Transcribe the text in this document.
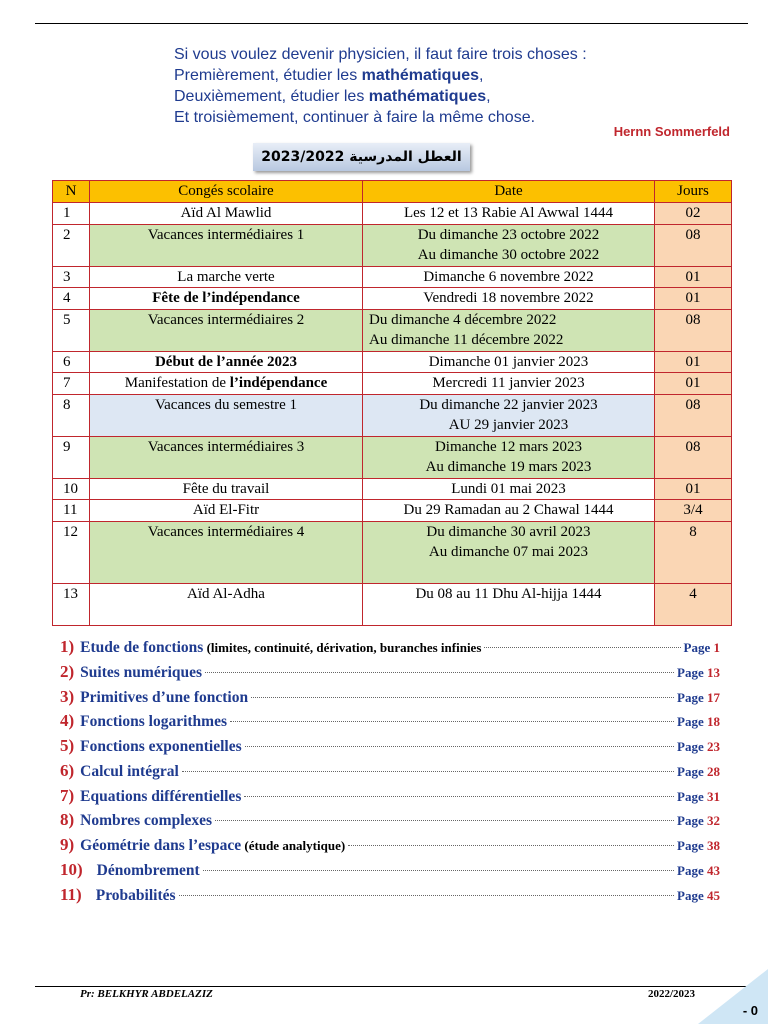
Si vous voulez devenir physicien, il faut faire trois choses :
Premièrement, étudier les mathématiques,
Deuxièmement, étudier les mathématiques,
Et troisièmement, continuer à faire la même chose.
Hernn Sommerfeld
العطل المدرسية 2023/2022
N	Congés scolaire	Date	Jours
1	Aïd Al Mawlid	Les 12 et 13 Rabie Al Awwal 1444	02
2	Vacances intermédiaires 1	Du dimanche 23 octobre 2022
Au dimanche 30 octobre 2022	08
3	La marche verte	Dimanche 6 novembre 2022	01
4	Fête de l’indépendance	Vendredi 18 novembre 2022	01
5	Vacances intermédiaires 2	Du dimanche 4 décembre 2022
Au dimanche 11 décembre 2022	08
6	Début de l’année 2023	Dimanche 01 janvier 2023	01
7	Manifestation de l’indépendance	Mercredi 11 janvier 2023	01
8	Vacances du semestre 1	Du dimanche 22 janvier 2023
AU 29 janvier 2023	08
9	Vacances intermédiaires 3	Dimanche 12 mars 2023
Au dimanche 19 mars 2023	08
10	Fête du travail	Lundi 01 mai 2023	01
11	Aïd El-Fitr	Du 29 Ramadan au 2 Chawal 1444	3/4
12	Vacances intermédiaires 4	Du dimanche 30 avril 2023
Au dimanche 07 mai 2023	8
13	Aïd Al-Adha	Du 08 au 11 Dhu Al-hijja 1444	4
1) Etude de fonctions (limites, continuité, dérivation, buranches infinies	Page 1
2) Suites numériques	Page 13
3) Primitives d’une fonction	Page 17
4) Fonctions logarithmes	Page 18
5) Fonctions exponentielles	Page 23
6) Calcul intégral	Page 28
7) Equations différentielles	Page 31
8) Nombres complexes	Page 32
9) Géométrie dans l’espace (étude analytique)	Page 38
10) Dénombrement	Page 43
11) Probabilités	Page 45
Pr: BELKHYR ABDELAZIZ	2022/2023
- 0
